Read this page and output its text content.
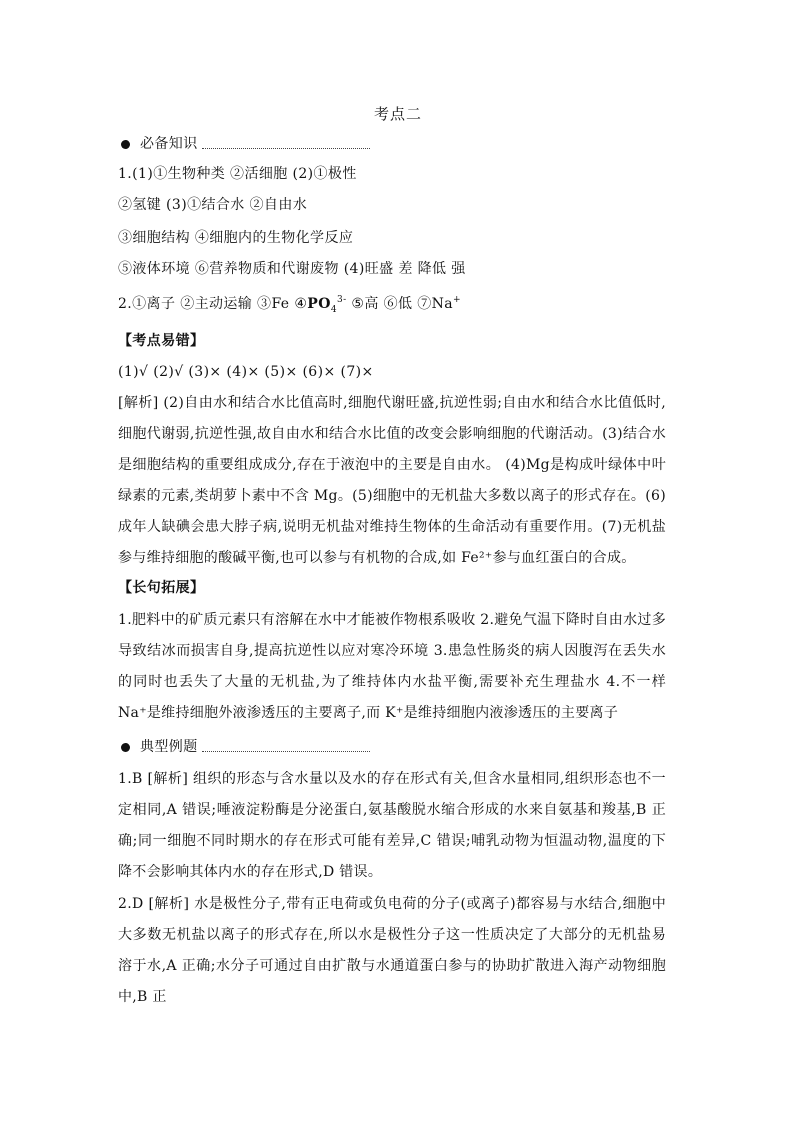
考点二
必备知识
1.(1)①生物种类 ②活细胞 (2)①极性
②氢键 (3)①结合水 ②自由水
③细胞结构 ④细胞内的生物化学反应
⑤液体环境 ⑥营养物质和代谢废物 (4)旺盛 差 降低 强
2.①离子 ②主动运输 ③Fe $④PO_4^{3-}$ ⑤高 ⑥低 ⑦Na+
【考点易错】
(1)√ (2)√ (3)× (4)× (5)× (6)× (7)×
[解析] (2)自由水和结合水比值高时,细胞代谢旺盛,抗逆性弱;自由水和结合水比值低时,细胞代谢弱,抗逆性强,故自由水和结合水比值的改变会影响细胞的代谢活动。(3)结合水是细胞结构的重要组成成分,存在于液泡中的主要是自由水。 (4)Mg是构成叶绿体中叶绿素的元素,类胡萝卜素中不含 Mg。(5)细胞中的无机盐大多数以离子的形式存在。(6)成年人缺碘会患大脖子病,说明无机盐对维持生物体的生命活动有重要作用。(7)无机盐参与维持细胞的酸碱平衡,也可以参与有机物的合成,如 Fe²⁺参与血红蛋白的合成。
【长句拓展】
1.肥料中的矿质元素只有溶解在水中才能被作物根系吸收 2.避免气温下降时自由水过多导致结冰而损害自身,提高抗逆性以应对寒冷环境 3.患急性肠炎的病人因腹泻在丢失水的同时也丢失了大量的无机盐,为了维持体内水盐平衡,需要补充生理盐水 4.不一样 Na⁺是维持细胞外液渗透压的主要离子,而 K⁺是维持细胞内液渗透压的主要离子
典型例题
1.B [解析] 组织的形态与含水量以及水的存在形式有关,但含水量相同,组织形态也不一定相同,A 错误;唾液淀粉酶是分泌蛋白,氨基酸脱水缩合形成的水来自氨基和羧基,B 正确;同一细胞不同时期水的存在形式可能有差异,C 错误;哺乳动物为恒温动物,温度的下降不会影响其体内水的存在形式,D 错误。
2.D [解析] 水是极性分子,带有正电荷或负电荷的分子(或离子)都容易与水结合,细胞中大多数无机盐以离子的形式存在,所以水是极性分子这一性质决定了大部分的无机盐易溶于水,A 正确;水分子可通过自由扩散与水通道蛋白参与的协助扩散进入海产动物细胞中,B 正
